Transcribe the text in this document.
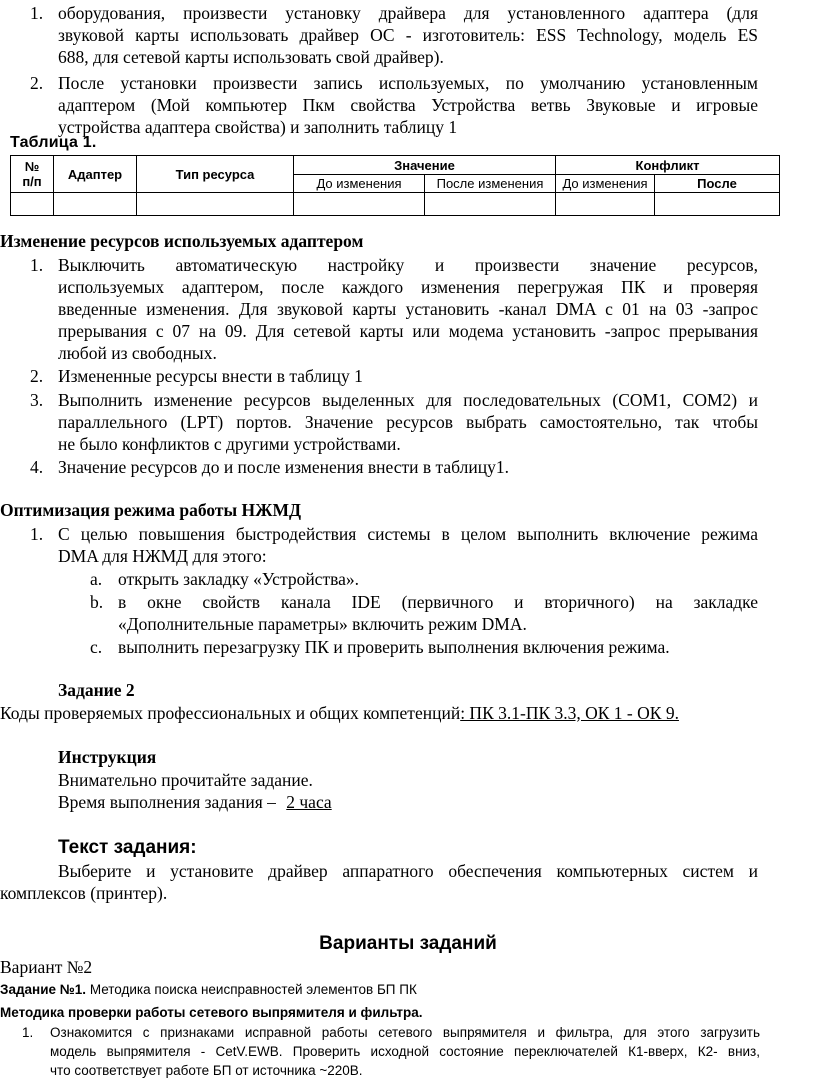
1. оборудования, произвести установку драйвера для установленного адаптера (для
звуковой карты использовать драйвер ОС - изготовитель: ESS Technology, модель ES
688, для сетевой карты использовать свой драйвер).
2. После установки произвести запись используемых, по умолчанию установленным
адаптером (Мой компьютер Пкм свойства Устройства ветвь Звуковые и игровые
устройства адаптера свойства) и заполнить таблицу 1
Таблица 1.
№
п/п	Адаптер	Тип ресурса	Значение		Конфликт	
			До изменения	После изменения	До изменения	После

Изменение ресурсов используемых адаптером
1. Выключить автоматическую настройку и произвести значение ресурсов,
используемых адаптером, после каждого изменения перегружая ПК и проверяя
введенные изменения. Для звуковой карты установить -канал DMA с 01 на 03 -запрос
прерывания с 07 на 09. Для сетевой карты или модема установить -запрос прерывания
любой из свободных.
2. Измененные ресурсы внести в таблицу 1
3. Выполнить изменение ресурсов выделенных для последовательных (COM1, COM2) и
параллельного (LPT) портов. Значение ресурсов выбрать самостоятельно, так чтобы
не было конфликтов с другими устройствами.
4. Значение ресурсов до и после изменения внести в таблицу1.
Оптимизация режима работы НЖМД
1. С целью повышения быстродействия системы в целом выполнить включение режима
DMA для НЖМД для этого:
a. открыть закладку «Устройства».
b. в окне свойств канала IDE (первичного и вторичного) на закладке
«Дополнительные параметры» включить режим DMA.
c. выполнить перезагрузку ПК и проверить выполнения включения режима.
Задание 2
Коды проверяемых профессиональных и общих компетенций: ПК 3.1-ПК 3.3, ОК 1 - ОК 9.
Инструкция
Внимательно прочитайте задание.
Время выполнения задания – 2 часа
Текст задания:
Выберите и установите драйвер аппаратного обеспечения компьютерных систем и
комплексов (принтер).
Варианты заданий
Вариант №2
Задание №1. Методика поиска неисправностей элементов БП ПК
Методика проверки работы сетевого выпрямителя и фильтра.
1. Ознакомится с признаками исправной работы сетевого выпрямителя и фильтра, для этого загрузить
модель выпрямителя - CetV.EWB. Проверить исходной состояние переключателей К1-вверх, К2- вниз,
что соответствует работе БП от источника ~220В.
